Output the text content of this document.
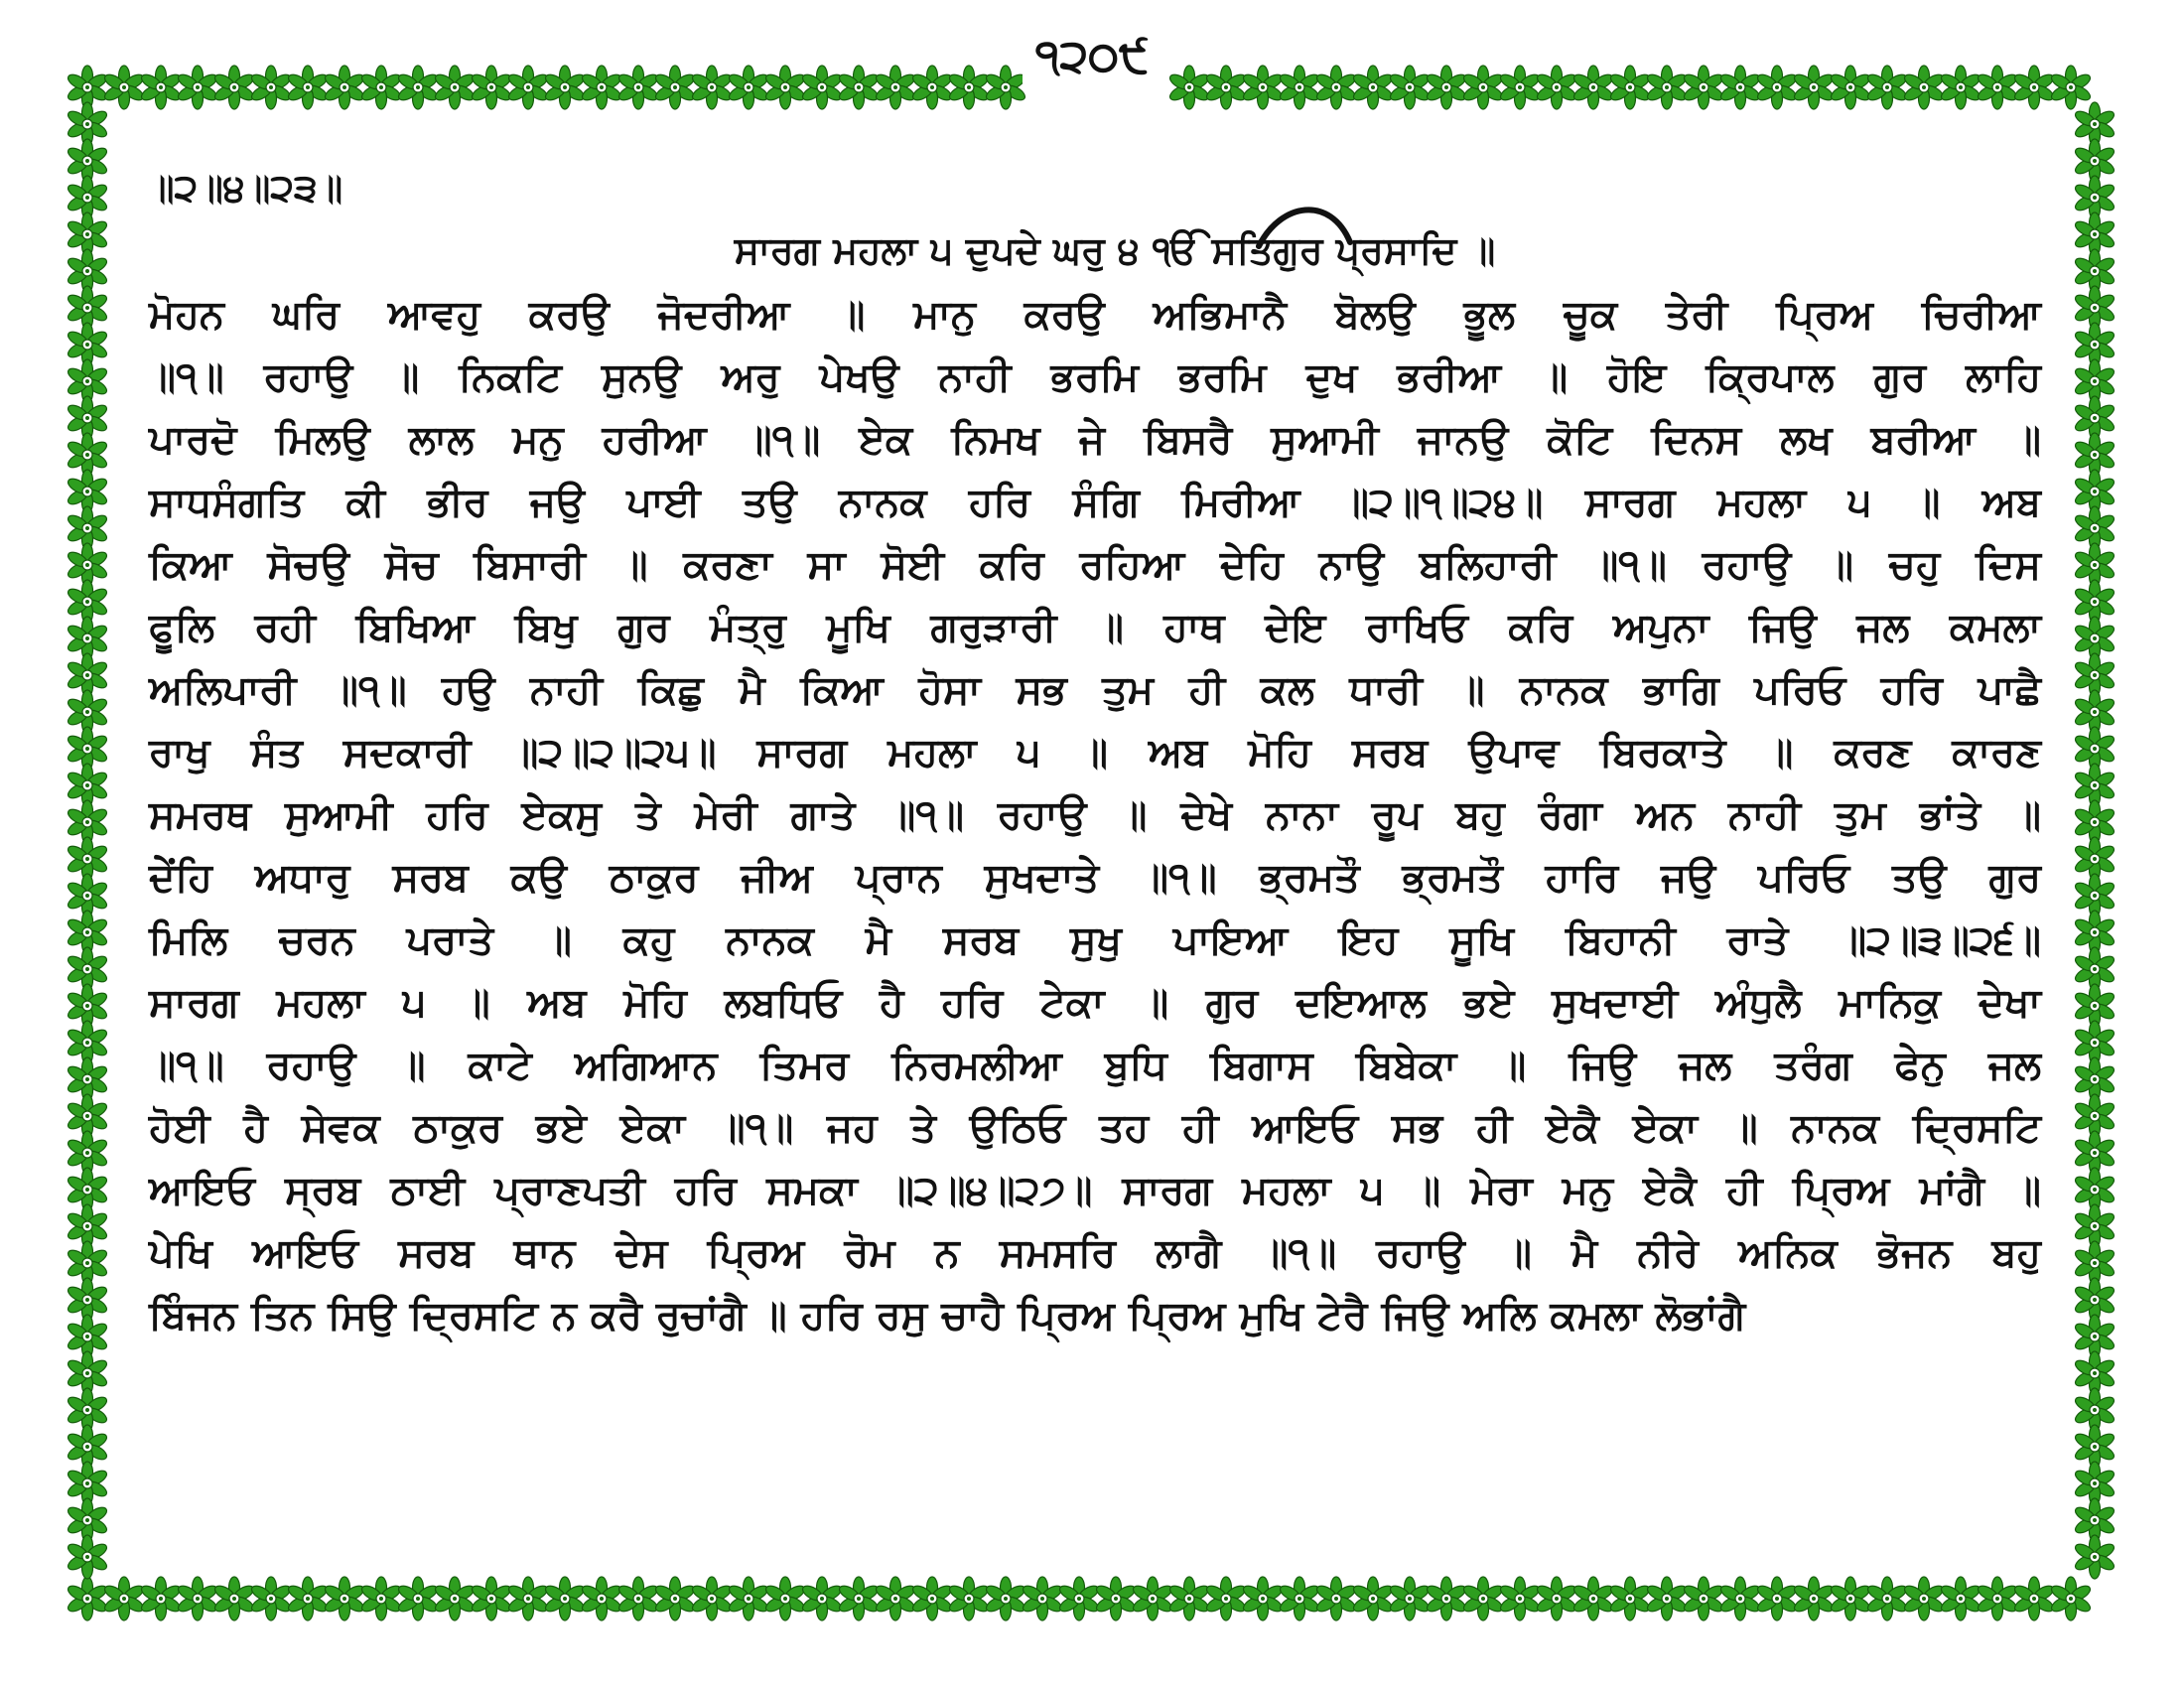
੧੨੦੯
॥੨॥੪॥੨੩॥
ਸਾਰਗ ਮਹਲਾ ੫ ਦੁਪਦੇ ਘਰੁ ੪ ੴ ਸਤਿਗੁਰ ਪ੍ਰਸਾਦਿ ॥
ਮੋਹਨ ਘਰਿ ਆਵਹੁ ਕਰਉ ਜੋਦਰੀਆ ॥ ਮਾਨੁ ਕਰਉ ਅਭਿਮਾਨੈ ਬੋਲਉ ਭੂਲ ਚੂਕ ਤੇਰੀ ਪ੍ਰਿਅ ਚਿਰੀਆ
॥੧॥ ਰਹਾਉ ॥ ਨਿਕਟਿ ਸੁਨਉ ਅਰੁ ਪੇਖਉ ਨਾਹੀ ਭਰਮਿ ਭਰਮਿ ਦੁਖ ਭਰੀਆ ॥ ਹੋਇ ਕ੍ਰਿਪਾਲ ਗੁਰ ਲਾਹਿ
ਪਾਰਦੋ ਮਿਲਉ ਲਾਲ ਮਨੁ ਹਰੀਆ ॥੧॥ ਏਕ ਨਿਮਖ ਜੇ ਬਿਸਰੈ ਸੁਆਮੀ ਜਾਨਉ ਕੋਟਿ ਦਿਨਸ ਲਖ ਬਰੀਆ ॥
ਸਾਧਸੰਗਤਿ ਕੀ ਭੀਰ ਜਉ ਪਾਈ ਤਉ ਨਾਨਕ ਹਰਿ ਸੰਗਿ ਮਿਰੀਆ ॥੨॥੧॥੨੪॥ ਸਾਰਗ ਮਹਲਾ ੫ ॥ ਅਬ
ਕਿਆ ਸੋਚਉ ਸੋਚ ਬਿਸਾਰੀ ॥ ਕਰਣਾ ਸਾ ਸੋਈ ਕਰਿ ਰਹਿਆ ਦੇਹਿ ਨਾਉ ਬਲਿਹਾਰੀ ॥੧॥ ਰਹਾਉ ॥ ਚਹੁ ਦਿਸ
ਫੂਲਿ ਰਹੀ ਬਿਖਿਆ ਬਿਖੁ ਗੁਰ ਮੰਤ੍ਰੁ ਮੂਖਿ ਗਰੁੜਾਰੀ ॥ ਹਾਥ ਦੇਇ ਰਾਖਿਓ ਕਰਿ ਅਪੁਨਾ ਜਿਉ ਜਲ ਕਮਲਾ
ਅਲਿਪਾਰੀ ॥੧॥ ਹਉ ਨਾਹੀ ਕਿਛੁ ਮੈ ਕਿਆ ਹੋਸਾ ਸਭ ਤੁਮ ਹੀ ਕਲ ਧਾਰੀ ॥ ਨਾਨਕ ਭਾਗਿ ਪਰਿਓ ਹਰਿ ਪਾਛੈ
ਰਾਖੁ ਸੰਤ ਸਦਕਾਰੀ ॥੨॥੨॥੨੫॥ ਸਾਰਗ ਮਹਲਾ ੫ ॥ ਅਬ ਮੋਹਿ ਸਰਬ ਉਪਾਵ ਬਿਰਕਾਤੇ ॥ ਕਰਣ ਕਾਰਣ
ਸਮਰਥ ਸੁਆਮੀ ਹਰਿ ਏਕਸੁ ਤੇ ਮੇਰੀ ਗਾਤੇ ॥੧॥ ਰਹਾਉ ॥ ਦੇਖੇ ਨਾਨਾ ਰੂਪ ਬਹੁ ਰੰਗਾ ਅਨ ਨਾਹੀ ਤੁਮ ਭਾਂਤੇ ॥
ਦੇਂਹਿ ਅਧਾਰੁ ਸਰਬ ਕਉ ਠਾਕੁਰ ਜੀਅ ਪ੍ਰਾਨ ਸੁਖਦਾਤੇ ॥੧॥ ਭ੍ਰਮਤੌ ਭ੍ਰਮਤੌ ਹਾਰਿ ਜਉ ਪਰਿਓ ਤਉ ਗੁਰ
ਮਿਲਿ ਚਰਨ ਪਰਾਤੇ ॥ ਕਹੁ ਨਾਨਕ ਮੈ ਸਰਬ ਸੁਖੁ ਪਾਇਆ ਇਹ ਸੂਖਿ ਬਿਹਾਨੀ ਰਾਤੇ ॥੨॥੩॥੨੬॥
ਸਾਰਗ ਮਹਲਾ ੫ ॥ ਅਬ ਮੋਹਿ ਲਬਧਿਓ ਹੈ ਹਰਿ ਟੇਕਾ ॥ ਗੁਰ ਦਇਆਲ ਭਏ ਸੁਖਦਾਈ ਅੰਧੁਲੈ ਮਾਨਿਕੁ ਦੇਖਾ
॥੧॥ ਰਹਾਉ ॥ ਕਾਟੇ ਅਗਿਆਨ ਤਿਮਰ ਨਿਰਮਲੀਆ ਬੁਧਿ ਬਿਗਾਸ ਬਿਬੇਕਾ ॥ ਜਿਉ ਜਲ ਤਰੰਗ ਫੇਨੁ ਜਲ
ਹੋਈ ਹੈ ਸੇਵਕ ਠਾਕੁਰ ਭਏ ਏਕਾ ॥੧॥ ਜਹ ਤੇ ਉਠਿਓ ਤਹ ਹੀ ਆਇਓ ਸਭ ਹੀ ਏਕੈ ਏਕਾ ॥ ਨਾਨਕ ਦ੍ਰਿਸਟਿ
ਆਇਓ ਸ੍ਰਬ ਠਾਈ ਪ੍ਰਾਣਪਤੀ ਹਰਿ ਸਮਕਾ ॥੨॥੪॥੨੭॥ ਸਾਰਗ ਮਹਲਾ ੫ ॥ ਮੇਰਾ ਮਨੁ ਏਕੈ ਹੀ ਪ੍ਰਿਅ ਮਾਂਗੈ ॥
ਪੇਖਿ ਆਇਓ ਸਰਬ ਥਾਨ ਦੇਸ ਪ੍ਰਿਅ ਰੋਮ ਨ ਸਮਸਰਿ ਲਾਗੈ ॥੧॥ ਰਹਾਉ ॥ ਮੈ ਨੀਰੇ ਅਨਿਕ ਭੋਜਨ ਬਹੁ
ਬਿੰਜਨ ਤਿਨ ਸਿਉ ਦ੍ਰਿਸਟਿ ਨ ਕਰੈ ਰੁਚਾਂਗੈ ॥ ਹਰਿ ਰਸੁ ਚਾਹੈ ਪ੍ਰਿਅ ਪ੍ਰਿਅ ਮੁਖਿ ਟੇਰੈ ਜਿਉ ਅਲਿ ਕਮਲਾ ਲੋਭਾਂਗੈ
